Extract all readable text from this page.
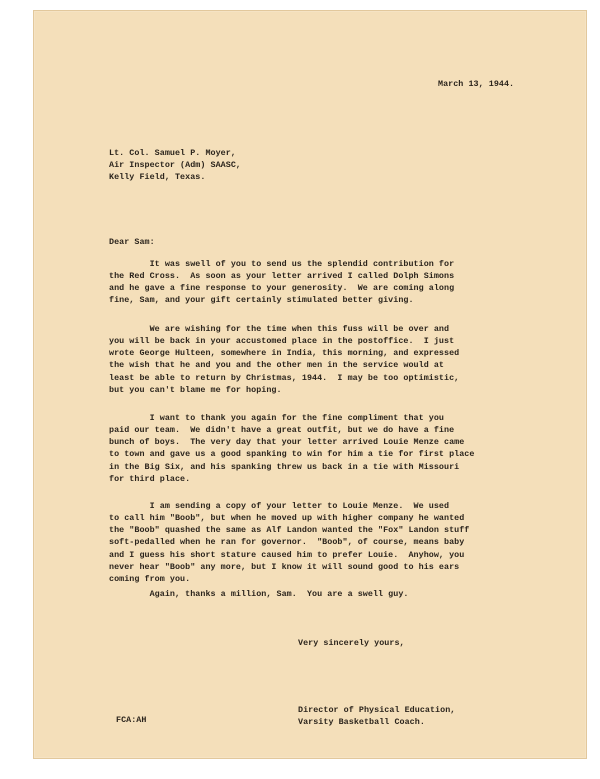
March 13, 1944.
Lt. Col. Samuel P. Moyer,
Air Inspector (Adm) SAASC,
Kelly Field, Texas.
Dear Sam:
It was swell of you to send us the splendid contribution for
the Red Cross.  As soon as your letter arrived I called Dolph Simons
and he gave a fine response to your generosity.  We are coming along
fine, Sam, and your gift certainly stimulated better giving.
We are wishing for the time when this fuss will be over and
you will be back in your accustomed place in the postoffice.  I just
wrote George Hulteen, somewhere in India, this morning, and expressed
the wish that he and you and the other men in the service would at
least be able to return by Christmas, 1944.  I may be too optimistic,
but you can't blame me for hoping.
I want to thank you again for the fine compliment that you
paid our team.  We didn't have a great outfit, but we do have a fine
bunch of boys.  The very day that your letter arrived Louie Menze came
to town and gave us a good spanking to win for him a tie for first place
in the Big Six, and his spanking threw us back in a tie with Missouri
for third place.
I am sending a copy of your letter to Louie Menze.  We used
to call him "Boob", but when he moved up with higher company he wanted
the "Boob" quashed the same as Alf Landon wanted the "Fox" Landon stuff
soft-pedalled when he ran for governor.  "Boob", of course, means baby
and I guess his short stature caused him to prefer Louie.  Anyhow, you
never hear "Boob" any more, but I know it will sound good to his ears
coming from you.
Again, thanks a million, Sam.  You are a swell guy.
Very sincerely yours,
Director of Physical Education,
Varsity Basketball Coach.
FCA:AH
